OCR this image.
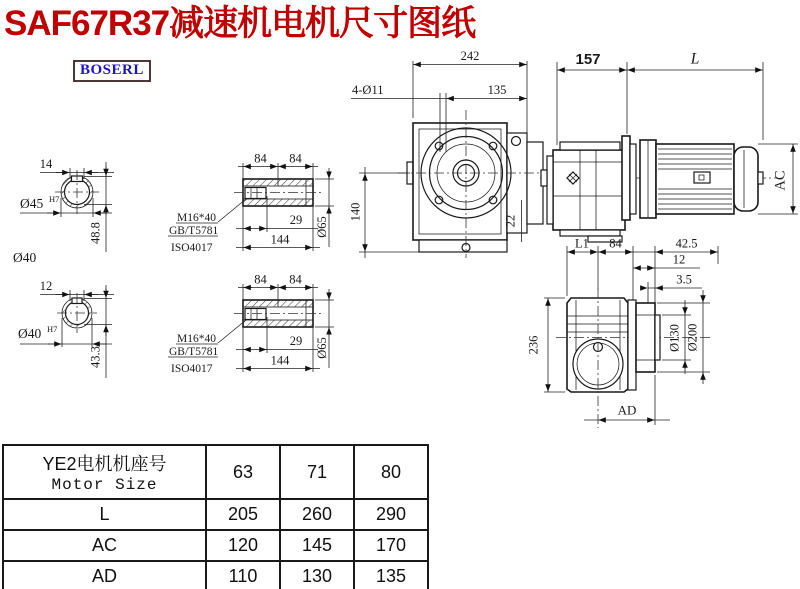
SAF67R37减速机电机尺寸图纸
BOSERL
14
Ø45 H7
48.8
Ø40
12
Ø40 H7
43.3
84 84
29
144
Ø65
M16*40
GB/T5781
ISO4017
84 84
29
144
Ø65
M16*40
GB/T5781
ISO4017
242
4-Ø11	135
140	22
157	L
AC
L1 84	42.5
12
3.5
Ø130 Ø200
236
AD
YE2电机机座号
Motor Size	63	71	80
L	205	260	290
AC	120	145	170
AD	110	130	135
